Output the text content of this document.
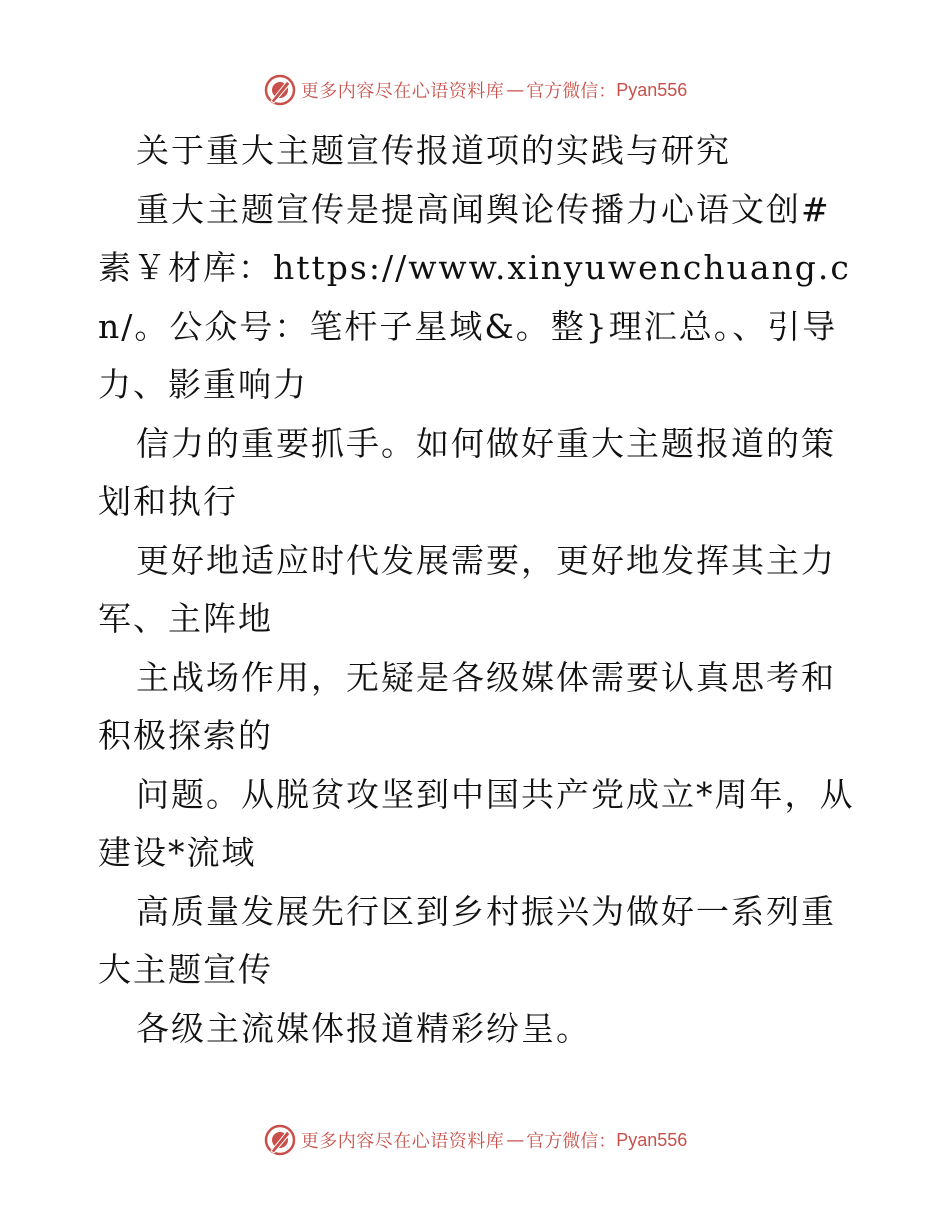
更多内容尽在心语资料库 — 官方微信： Pyan556

关于重大主题宣传报道项的实践与研究

重大主题宣传是提高闻舆论传播力心语文创#素￥材库：https://www.xinyuwenchuang.cn/。公众号：笔杆子星域&。整}理汇总。、引导力、影重响力

信力的重要抓手。如何做好重大主题报道的策划和执行

更好地适应时代发展需要，更好地发挥其主力军、主阵地

主战场作用，无疑是各级媒体需要认真思考和积极探索的

问题。从脱贫攻坚到中国共产党成立*周年，从建设*流域

高质量发展先行区到乡村振兴为做好一系列重大主题宣传

各级主流媒体报道精彩纷呈。

更多内容尽在心语资料库 — 官方微信： Pyan556
